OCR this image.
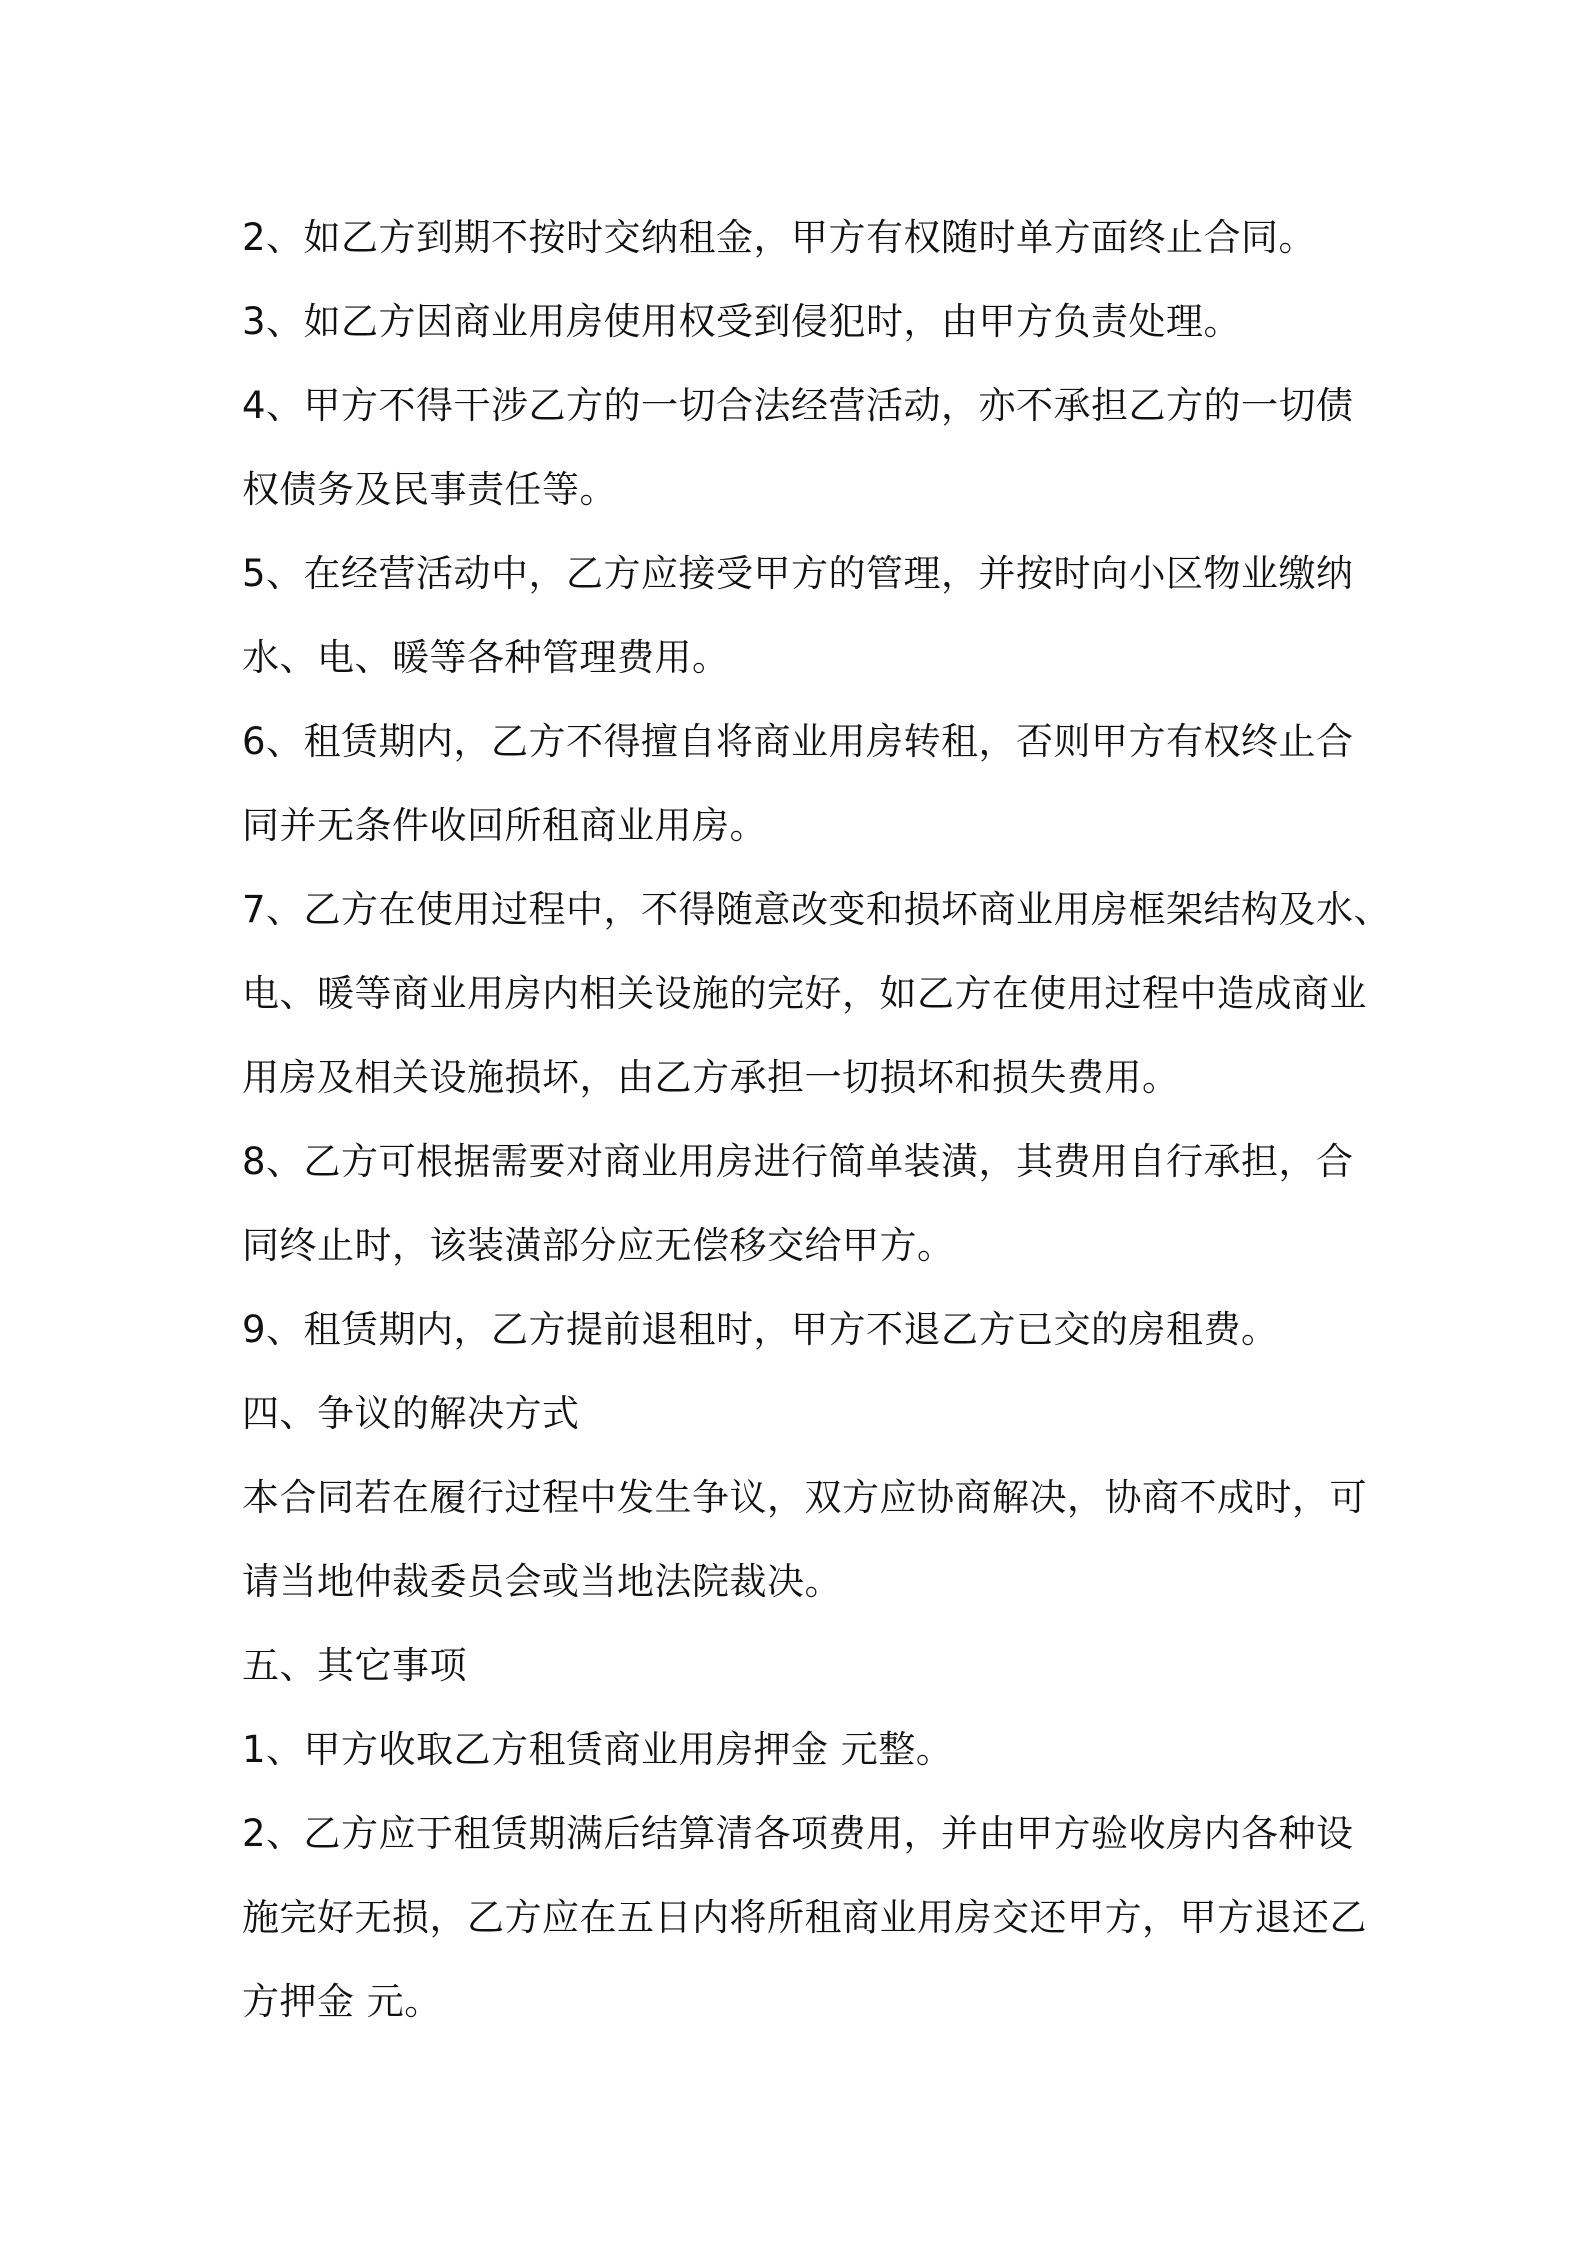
2、如乙方到期不按时交纳租金，甲方有权随时单方面终止合同。
3、如乙方因商业用房使用权受到侵犯时，由甲方负责处理。
4、甲方不得干涉乙方的一切合法经营活动，亦不承担乙方的一切债
权债务及民事责任等。
5、在经营活动中，乙方应接受甲方的管理，并按时向小区物业缴纳
水、电、暖等各种管理费用。
6、租赁期内，乙方不得擅自将商业用房转租，否则甲方有权终止合
同并无条件收回所租商业用房。
7、乙方在使用过程中，不得随意改变和损坏商业用房框架结构及水、
电、暖等商业用房内相关设施的完好，如乙方在使用过程中造成商业
用房及相关设施损坏，由乙方承担一切损坏和损失费用。
8、乙方可根据需要对商业用房进行简单装潢，其费用自行承担，合
同终止时，该装潢部分应无偿移交给甲方。
9、租赁期内，乙方提前退租时，甲方不退乙方已交的房租费。
四、争议的解决方式
本合同若在履行过程中发生争议，双方应协商解决，协商不成时，可
请当地仲裁委员会或当地法院裁决。
五、其它事项
1、甲方收取乙方租赁商业用房押金 元整。
2、乙方应于租赁期满后结算清各项费用，并由甲方验收房内各种设
施完好无损，乙方应在五日内将所租商业用房交还甲方，甲方退还乙
方押金 元。
